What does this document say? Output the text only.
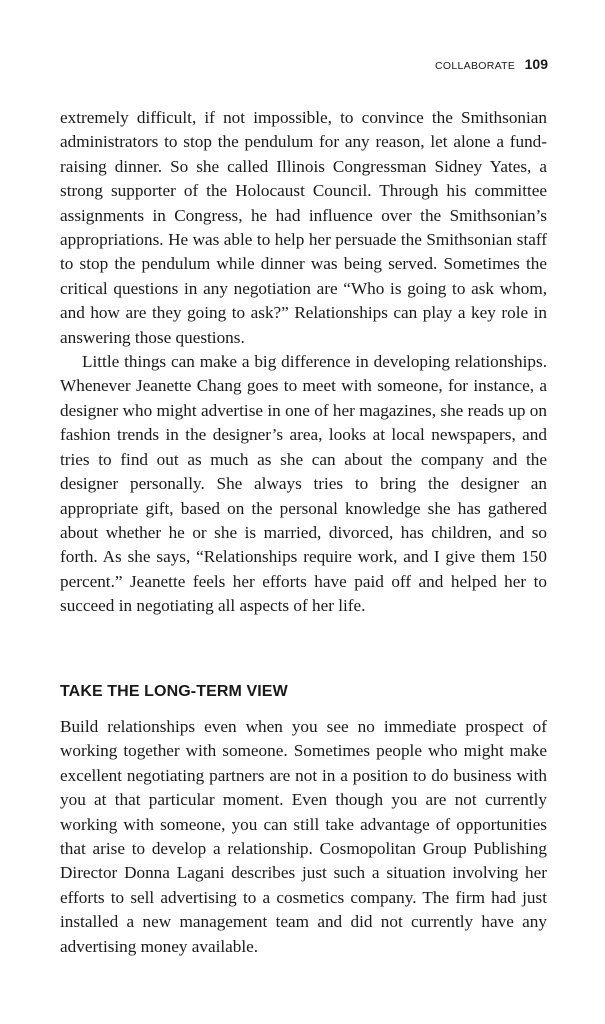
COLLABORATE 109

extremely difficult, if not impossible, to convince the Smithsonian administrators to stop the pendulum for any reason, let alone a fund-raising dinner. So she called Illinois Congressman Sidney Yates, a strong supporter of the Holocaust Council. Through his committee assignments in Congress, he had influence over the Smithsonian’s appropriations. He was able to help her persuade the Smithsonian staff to stop the pendulum while dinner was being served. Sometimes the critical questions in any negotiation are “Who is going to ask whom, and how are they going to ask?” Relationships can play a key role in answering those questions.

Little things can make a big difference in developing relationships. Whenever Jeanette Chang goes to meet with someone, for instance, a designer who might advertise in one of her magazines, she reads up on fashion trends in the designer’s area, looks at local newspapers, and tries to find out as much as she can about the company and the designer personally. She always tries to bring the designer an appropriate gift, based on the personal knowledge she has gathered about whether he or she is married, divorced, has children, and so forth. As she says, “Relationships require work, and I give them 150 percent.” Jeanette feels her efforts have paid off and helped her to succeed in negotiating all aspects of her life.

TAKE THE LONG-TERM VIEW

Build relationships even when you see no immediate prospect of working together with someone. Sometimes people who might make excellent negotiating partners are not in a position to do business with you at that particular moment. Even though you are not currently working with someone, you can still take advantage of opportunities that arise to develop a relationship. Cosmopolitan Group Publishing Director Donna Lagani describes just such a situation involving her efforts to sell advertising to a cosmetics company. The firm had just installed a new management team and did not currently have any advertising money available.
